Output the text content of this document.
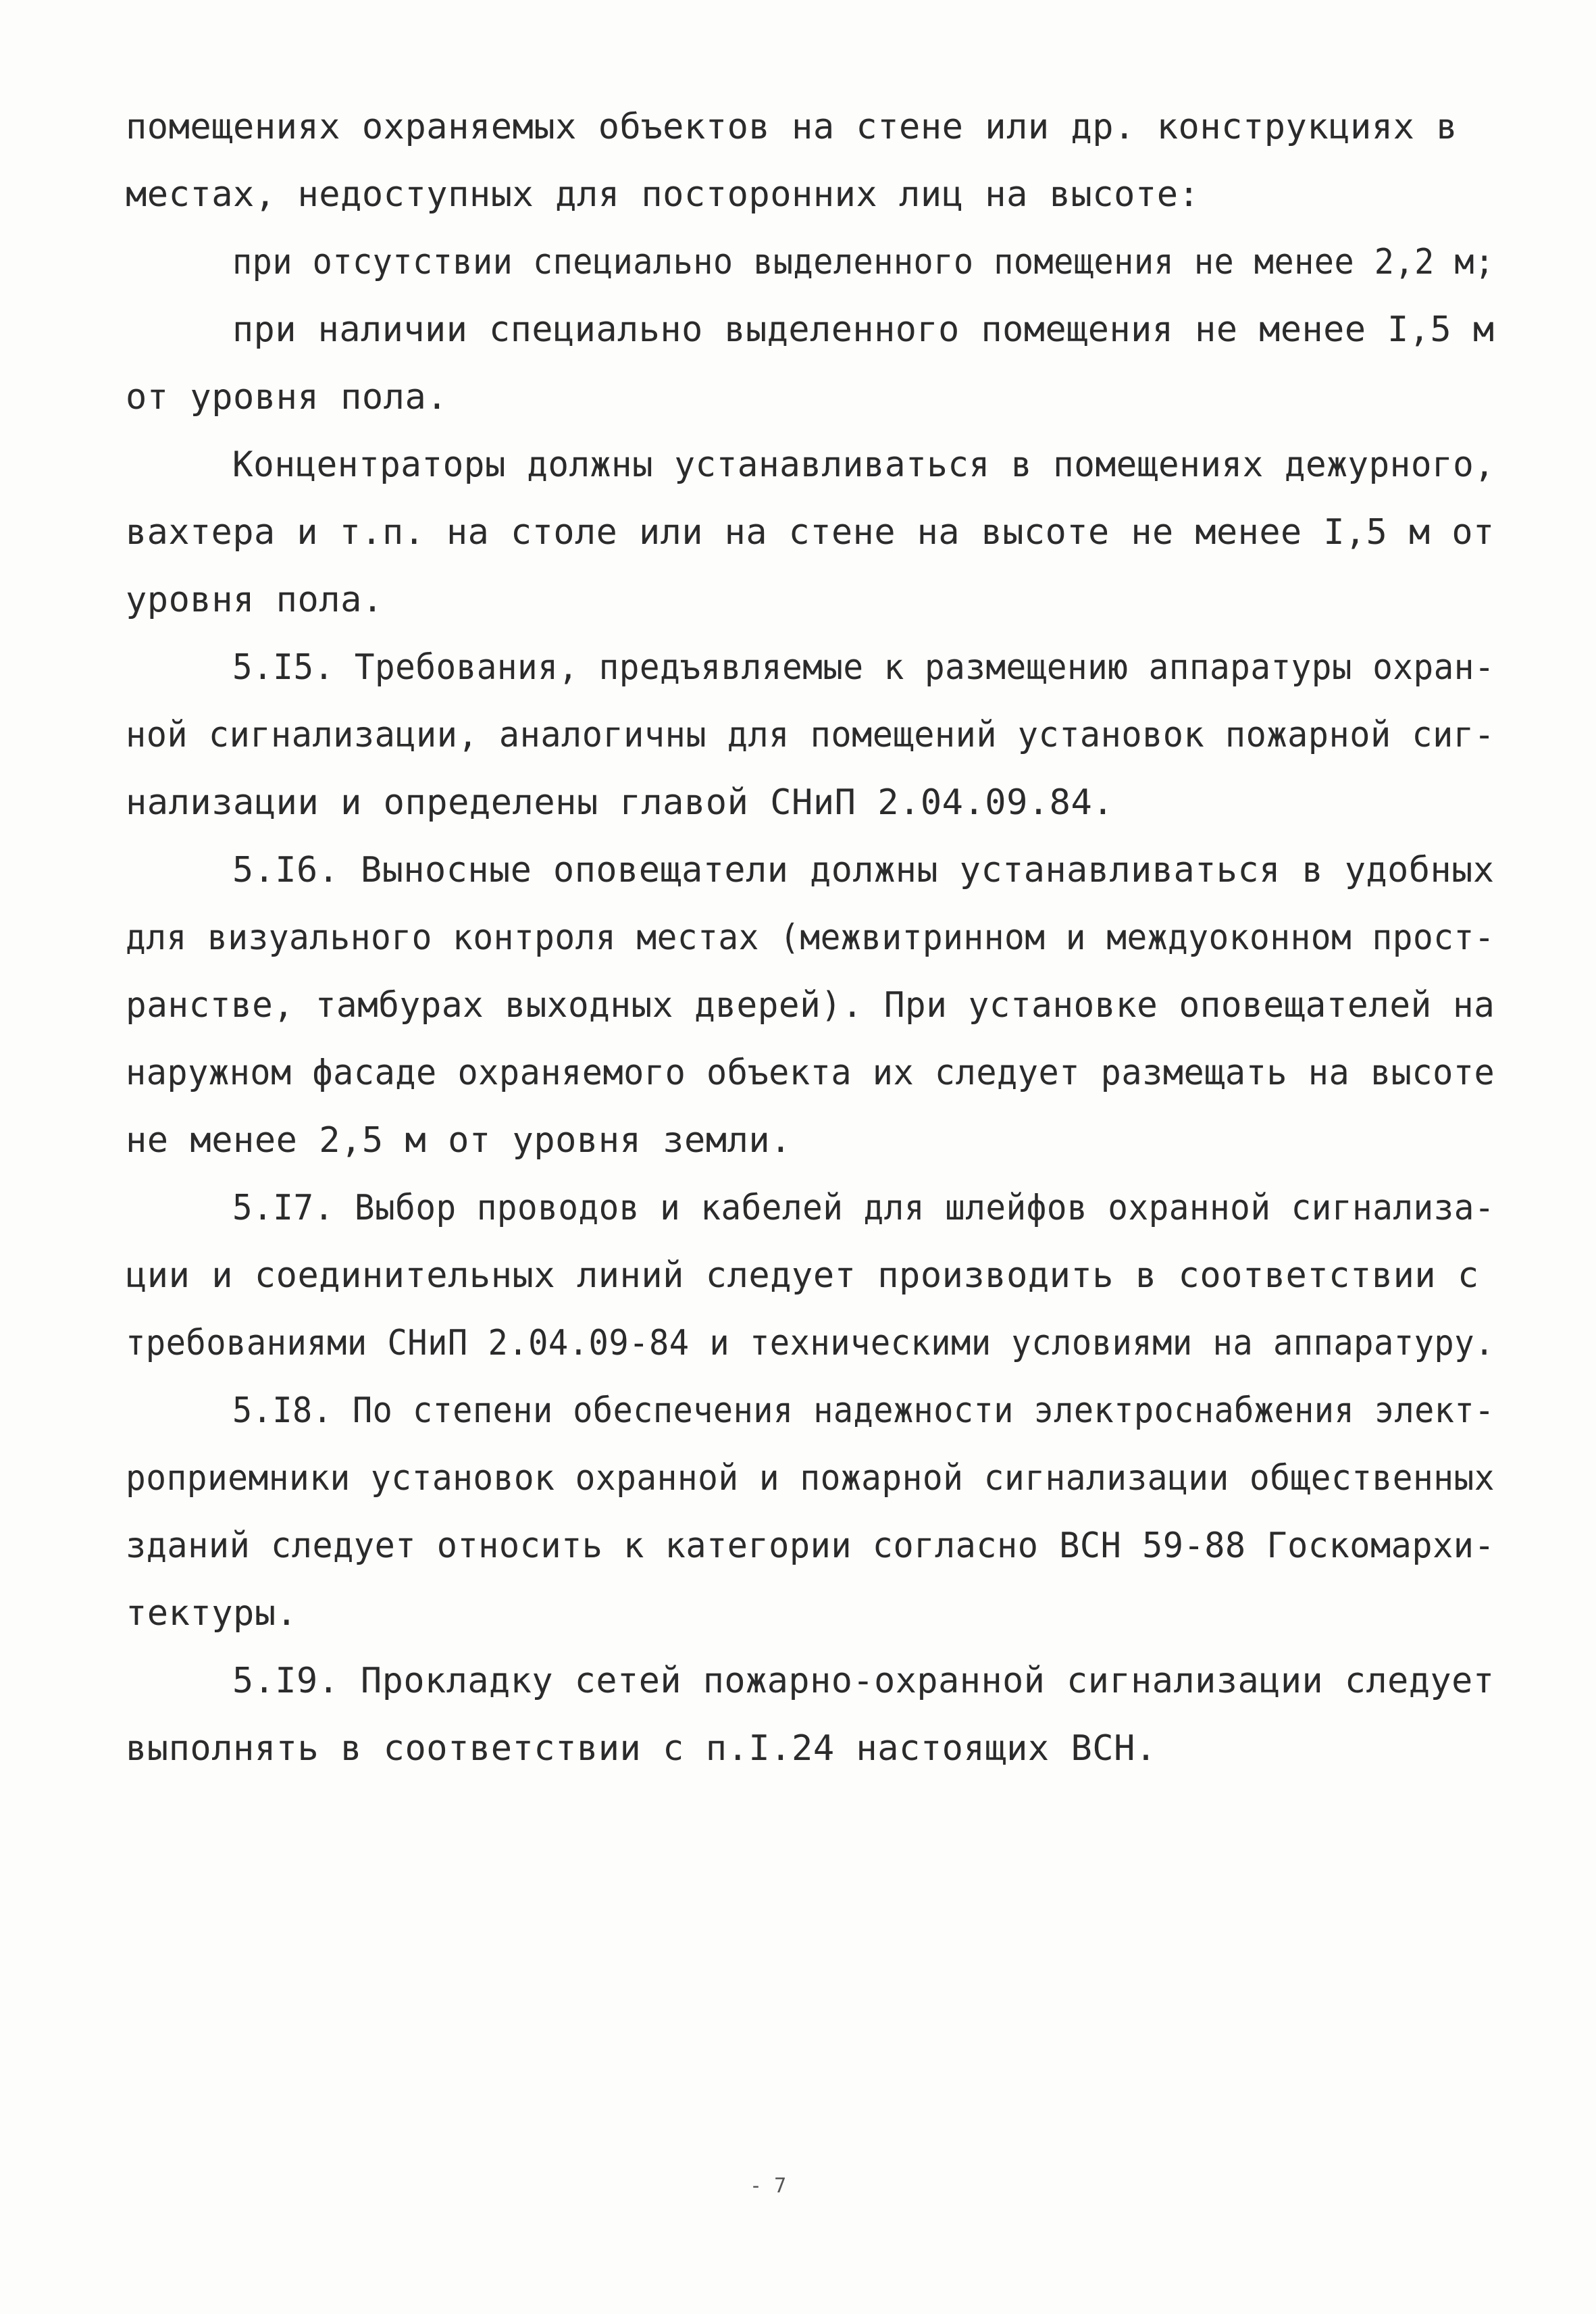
помещениях охраняемых объектов на стене или др. конструкциях в
местах, недоступных для посторонних лиц на высоте:
при отсутствии специально выделенного помещения не менее 2,2 м;
при наличии специально выделенного помещения не менее I,5 м
от уровня пола.
Концентраторы должны устанавливаться в помещениях дежурного,
вахтера и т.п. на столе или на стене на высоте не менее I,5 м от
уровня пола.
5.I5. Требования, предъявляемые к размещению аппаратуры охран-
ной сигнализации, аналогичны для помещений установок пожарной сиг-
нализации и определены главой СНиП 2.04.09.84.
5.I6. Выносные оповещатели должны устанавливаться в удобных
для визуального контроля местах (межвитринном и междуоконном прост-
ранстве, тамбурах выходных дверей). При установке оповещателей на
наружном фасаде охраняемого объекта их следует размещать на высоте
не менее 2,5 м от уровня земли.
5.I7. Выбор проводов и кабелей для шлейфов охранной сигнализа-
ции и соединительных линий следует производить в соответствии с
требованиями СНиП 2.04.09-84 и техническими условиями на аппаратуру.
5.I8. По степени обеспечения надежности электроснабжения элект-
роприемники установок охранной и пожарной сигнализации общественных
зданий следует относить к категории согласно ВСН 59-88 Госкомархи-
тектуры.
5.I9. Прокладку сетей пожарно-охранной сигнализации следует
выполнять в соответствии с п.I.24 настоящих ВСН.
- 7
